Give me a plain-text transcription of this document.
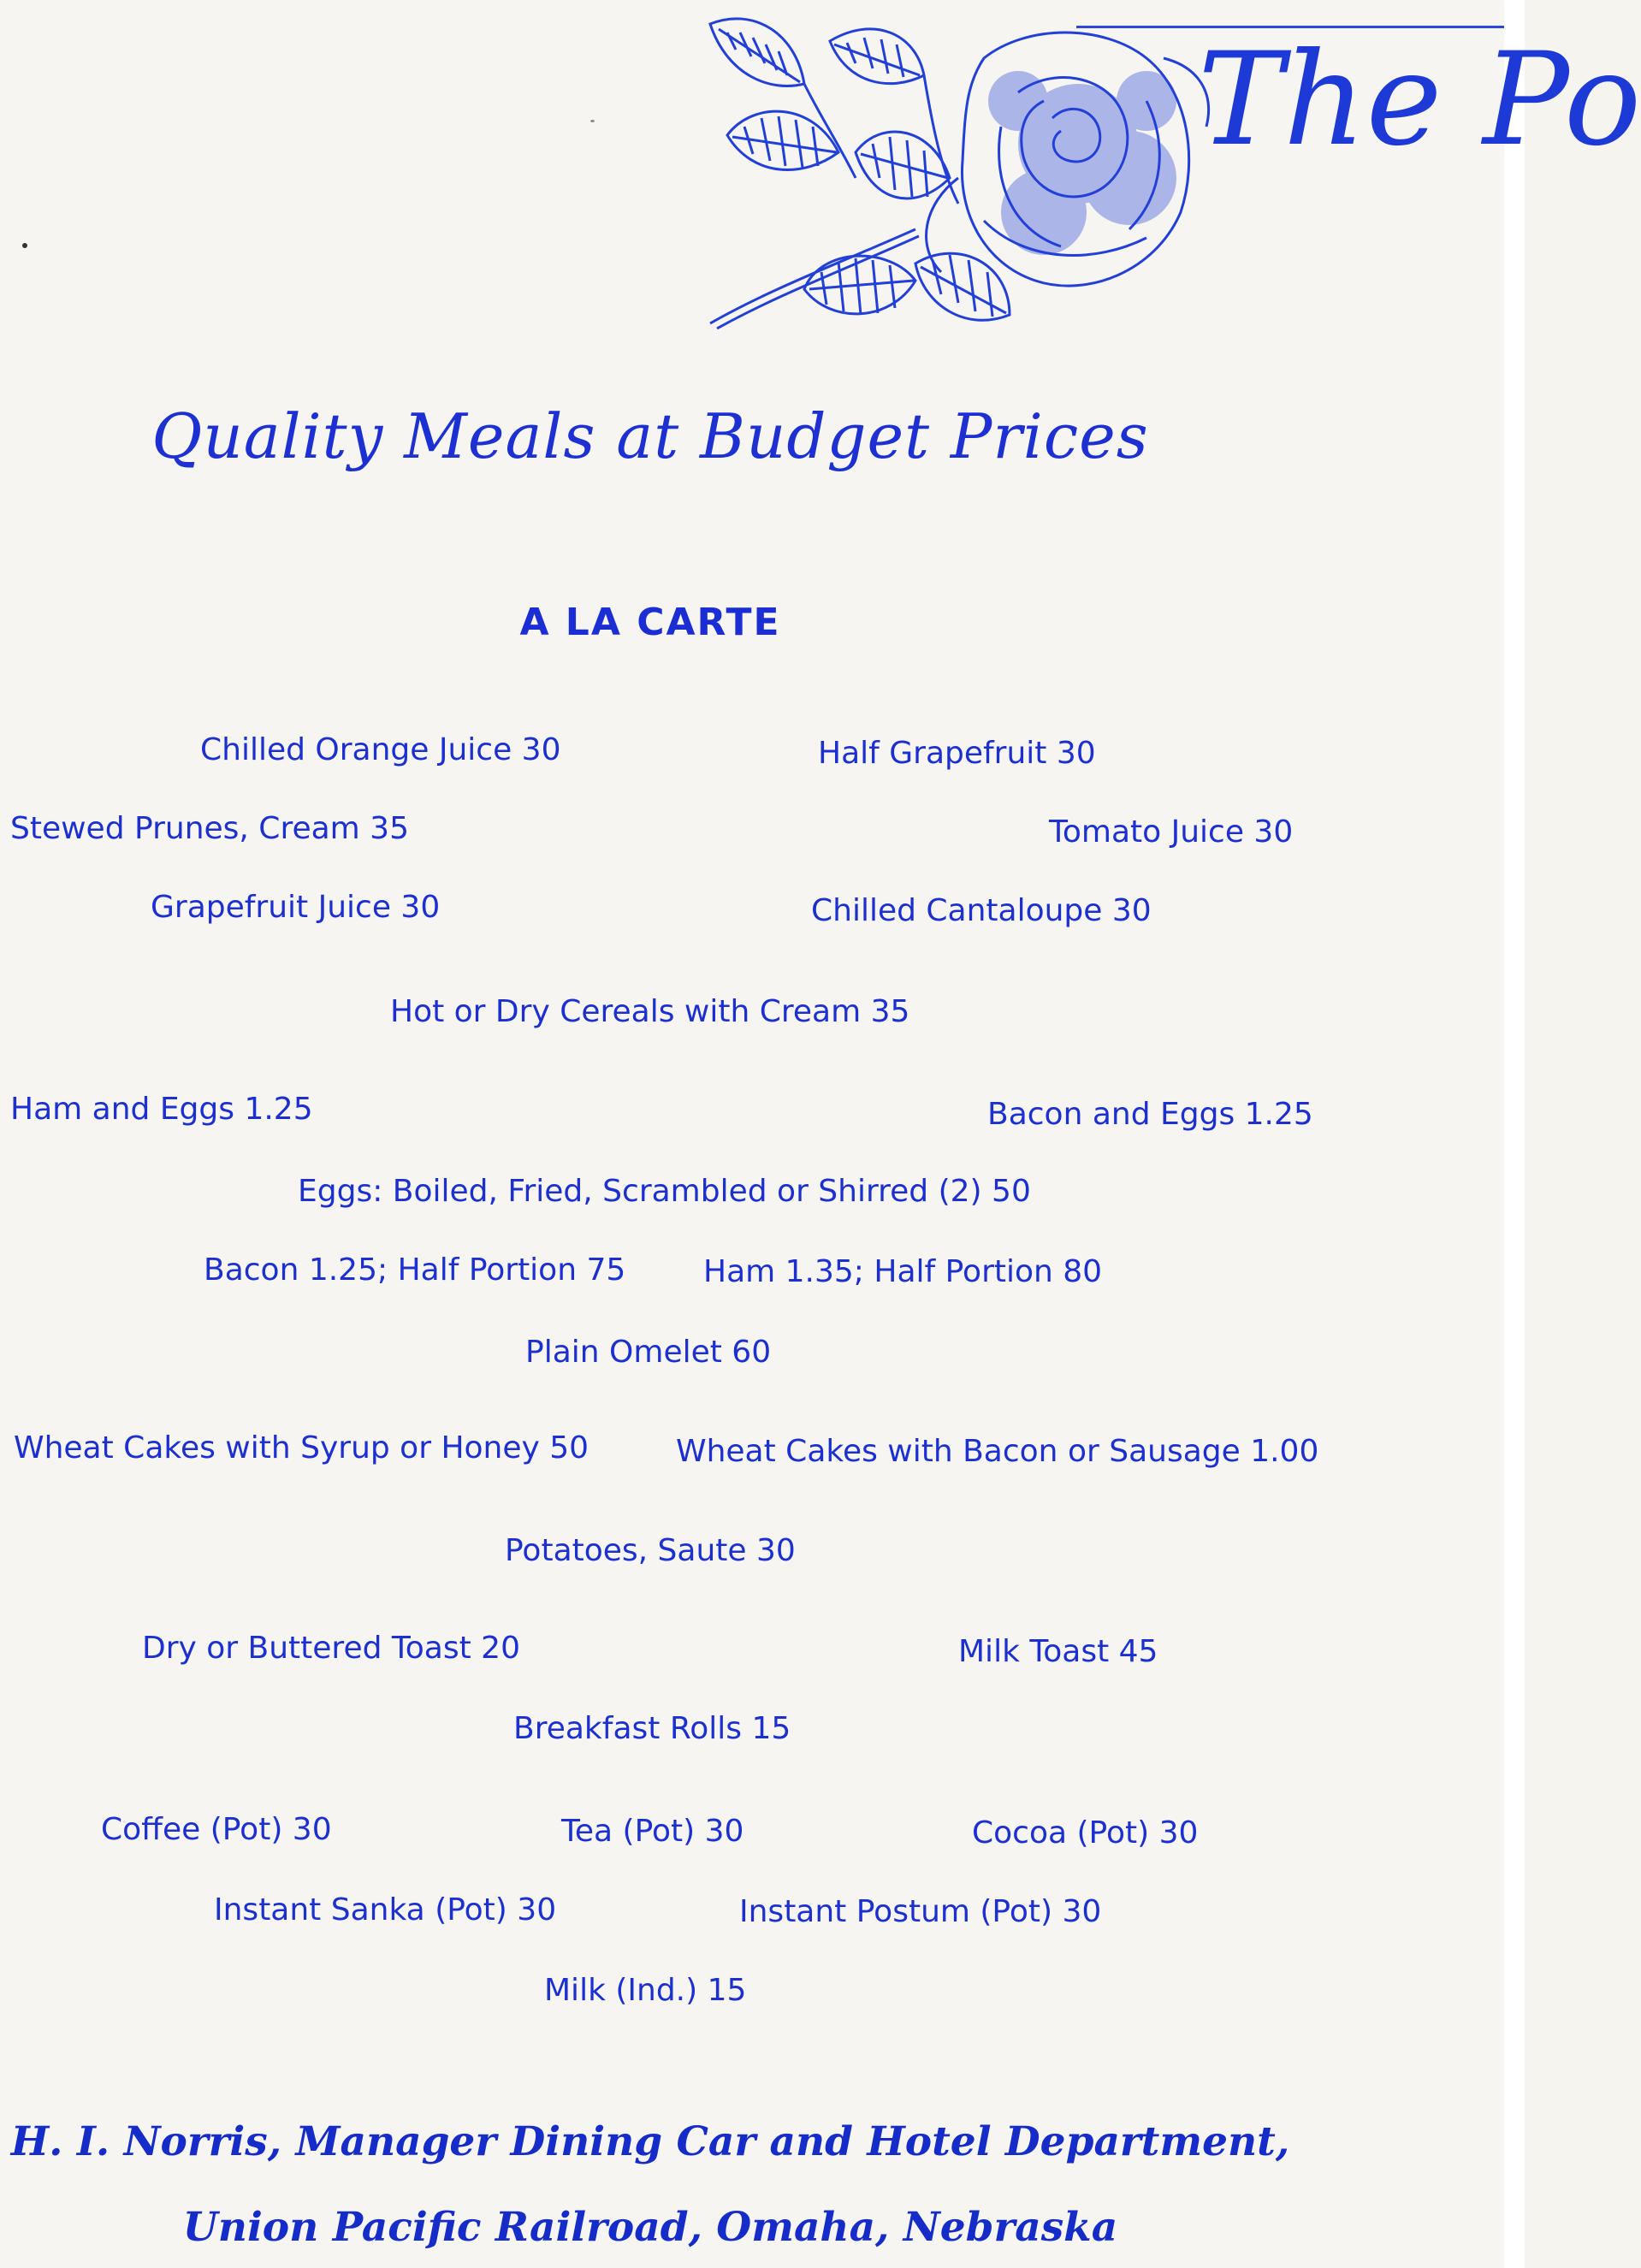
The Po
Quality Meals at Budget Prices
A LA CARTE
Chilled Orange Juice 30	Half Grapefruit 30
Stewed Prunes, Cream 35	Tomato Juice 30
Grapefruit Juice 30	Chilled Cantaloupe 30
Hot or Dry Cereals with Cream 35
Ham and Eggs 1.25	Bacon and Eggs 1.25
Eggs: Boiled, Fried, Scrambled or Shirred (2) 50
Bacon 1.25; Half Portion 75	Ham 1.35; Half Portion 80
Plain Omelet 60
Wheat Cakes with Syrup or Honey 50	Wheat Cakes with Bacon or Sausage 1.00
Potatoes, Saute 30
Dry or Buttered Toast 20	Milk Toast 45
Breakfast Rolls 15
Coffee (Pot) 30	Tea (Pot) 30	Cocoa (Pot) 30
Instant Sanka (Pot) 30	Instant Postum (Pot) 30
Milk (Ind.) 15
H. I. Norris, Manager Dining Car and Hotel Department,
Union Pacific Railroad, Omaha, Nebraska
